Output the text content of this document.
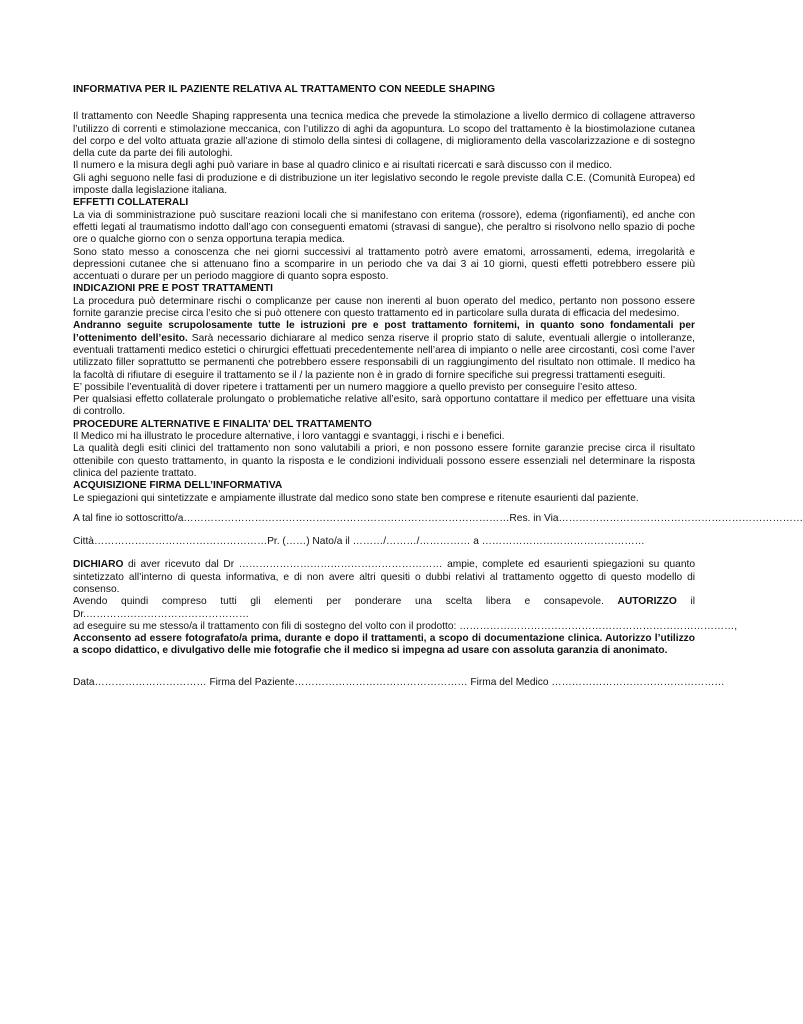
INFORMATIVA PER IL PAZIENTE RELATIVA AL TRATTAMENTO CON NEEDLE SHAPING

Il trattamento con Needle Shaping rappresenta una tecnica medica che prevede la stimolazione a livello dermico di collagene attraverso l’utilizzo di correnti e stimolazione meccanica, con l’utilizzo di aghi da agopuntura. Lo scopo del trattamento è la biostimolazione cutanea del corpo e del volto attuata grazie all’azione di stimolo della sintesi di collagene, di miglioramento della vascolarizzazione e di sostegno della cute da parte dei fili autologhi.

Il numero e la misura degli aghi può variare in base al quadro clinico e ai risultati ricercati e sarà discusso con il medico.

Gli aghi seguono nelle fasi di produzione e di distribuzione un iter legislativo secondo le regole previste dalla C.E. (Comunità Europea) ed imposte dalla legislazione italiana.

EFFETTI COLLATERALI

La via di somministrazione può suscitare reazioni locali che si manifestano con eritema (rossore), edema (rigonfiamenti), ed anche con effetti legati al traumatismo indotto dall’ago con conseguenti ematomi (stravasi di sangue), che peraltro si risolvono nello spazio di poche ore o qualche giorno con o senza opportuna terapia medica.

Sono stato messo a conoscenza che nei giorni successivi al trattamento potrò avere ematomi, arrossamenti, edema, irregolarità e depressioni cutanee che si attenuano fino a scomparire in un periodo che va dai 3 ai 10 giorni, questi effetti potrebbero essere più accentuati o durare per un periodo maggiore di quanto sopra esposto.

INDICAZIONI PRE E POST TRATTAMENTI

La procedura può determinare rischi o complicanze per cause non inerenti al buon operato del medico, pertanto non possono essere fornite garanzie precise circa l’esito che si può ottenere con questo trattamento ed in particolare sulla durata di efficacia del medesimo.

Andranno seguite scrupolosamente tutte le istruzioni pre e post trattamento fornitemi, in quanto sono fondamentali per l’ottenimento dell’esito. Sarà necessario dichiarare al medico senza riserve il proprio stato di salute, eventuali allergie o intolleranze, eventuali trattamenti medico estetici o chirurgici effettuati precedentemente nell’area di impianto o nelle aree circostanti, così come l’aver utilizzato filler soprattutto se permanenti che potrebbero essere responsabili di un raggiungimento del risultato non ottimale. Il medico ha la facoltà di rifiutare di eseguire il trattamento se il / la paziente non è in grado di fornire specifiche sui pregressi trattamenti eseguiti.

E’ possibile l’eventualità di dover ripetere i trattamenti per un numero maggiore a quello previsto per conseguire l’esito atteso.

Per qualsiasi effetto collaterale prolungato o problematiche relative all’esito, sarà opportuno contattare il medico per effettuare una visita di controllo.

PROCEDURE ALTERNATIVE E FINALITA’ DEL TRATTAMENTO

Il Medico mi ha illustrato le procedure alternative, i loro vantaggi e svantaggi, i rischi e i benefici.

La qualità degli esiti clinici del trattamento non sono valutabili a priori, e non possono essere fornite garanzie precise circa il risultato ottenibile con questo trattamento, in quanto la risposta e le condizioni individuali possono essere essenziali nel determinare la risposta clinica del paziente trattato.

ACQUISIZIONE FIRMA DELL’INFORMATIVA

Le spiegazioni qui sintetizzate e ampiamente illustrate dal medico sono state ben comprese e ritenute esaurienti dal paziente.

A tal fine io sottoscritto/a……………………………………………………………………………………Res. in Via………………………………………………………………

Città……………………………………………Pr. (……) Nato/a il ………/………/…………… a …………………………………………

DICHIARO di aver ricevuto dal Dr …………………………………………………… ampie, complete ed esaurienti spiegazioni su quanto sintetizzato all’interno di questa informativa, e di non avere altri quesiti o dubbi relativi al trattamento oggetto di questo modello di consenso.

Avendo quindi compreso tutti gli elementi per ponderare una scelta libera e consapevole. AUTORIZZO il Dr.…………………………………………

ad eseguire su me stesso/a il trattamento con fili di sostegno del volto con il prodotto: ………………………………………………………………………,

Acconsento ad essere fotografato/a prima, durante e dopo il trattamenti, a scopo di documentazione clinica. Autorizzo l’utilizzo a scopo didattico, e divulgativo delle mie fotografie che il medico si impegna ad usare con assoluta garanzia di anonimato.

Data…………………………… Firma del Paziente…………………………………………… Firma del Medico ……………………………………………
